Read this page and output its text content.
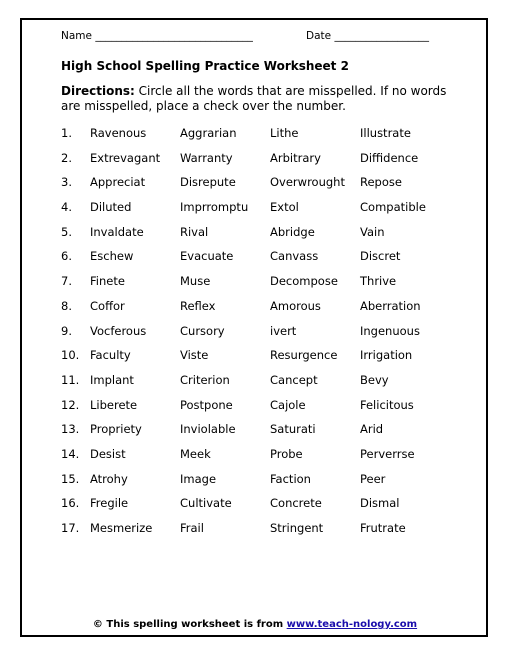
Name ______________________________	Date __________________
High School Spelling Practice Worksheet 2
Directions: Circle all the words that are misspelled. If no words are misspelled, place a check over the number.
1. Ravenous	Aggrarian	Lithe	Illustrate
2. Extrevagant Warranty	Arbitrary	Diffidence
3. Appreciat	Disrepute	Overwrought Repose
4. Diluted	Imprromptu Extol	Compatible
5. Invaldate	Rival	Abridge	Vain
6. Eschew	Evacuate	Canvass	Discret
7. Finete	Muse	Decompose Thrive
8. Coffor	Reflex	Amorous	Aberration
9. Vocferous	Cursory	ivert	Ingenuous
10. Faculty	Viste	Resurgence Irrigation
11. Implant	Criterion	Cancept	Bevy
12. Liberete	Postpone	Cajole	Felicitous
13. Propriety	Inviolable	Saturati	Arid
14. Desist	Meek	Probe	Perverrse
15. Atrohy	Image	Faction	Peer
16. Fregile	Cultivate	Concrete	Dismal
17. Mesmerize Frail	Stringent	Frutrate
© This spelling worksheet is from www.teach-nology.com
